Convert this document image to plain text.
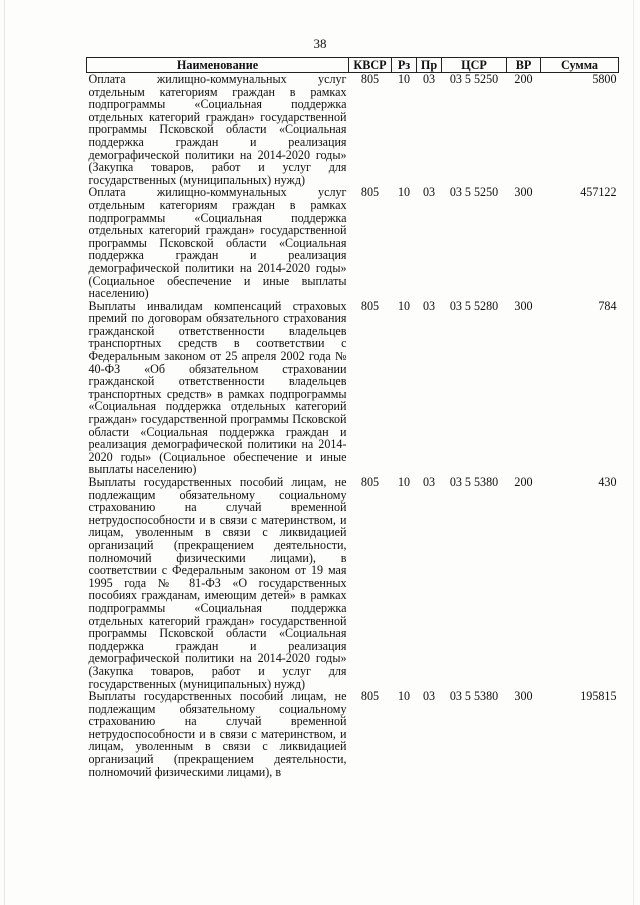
38
Наименование	КВСР	Рз	Пр	ЦСР	ВР	Сумма
Оплата жилищно-коммунальных услуг отдельным категориям граждан в рамках подпрограммы «Социальная поддержка отдельных категорий граждан» государственной программы Псковской области «Социальная поддержка граждан и реализация демографической политики на 2014-2020 годы» (Закупка товаров, работ и услуг для государственных (муниципальных) нужд)	805	10	03	03 5 5250	200	5800
Оплата жилищно-коммунальных услуг отдельным категориям граждан в рамках подпрограммы «Социальная поддержка отдельных категорий граждан» государственной программы Псковской области «Социальная поддержка граждан и реализация демографической политики на 2014-2020 годы» (Социальное обеспечение и иные выплаты населению)	805	10	03	03 5 5250	300	457122
Выплаты инвалидам компенсаций страховых премий по договорам обязательного страхования гражданской ответственности владельцев транспортных средств в соответствии с Федеральным законом от 25 апреля 2002 года № 40-ФЗ «Об обязательном страховании гражданской ответственности владельцев транспортных средств» в рамках подпрограммы «Социальная поддержка отдельных категорий граждан» государственной программы Псковской области «Социальная поддержка граждан и реализация демографической политики на 2014-2020 годы» (Социальное обеспечение и иные выплаты населению)	805	10	03	03 5 5280	300	784
Выплаты государственных пособий лицам, не подлежащим обязательному социальному страхованию на случай временной нетрудоспособности и в связи с материнством, и лицам, уволенным в связи с ликвидацией организаций (прекращением деятельности, полномочий физическими лицами), в соответствии с Федеральным законом от 19 мая 1995 года № 81-ФЗ «О государственных пособиях гражданам, имеющим детей» в рамках подпрограммы «Социальная поддержка отдельных категорий граждан» государственной программы Псковской области «Социальная поддержка граждан и реализация демографической политики на 2014-2020 годы» (Закупка товаров, работ и услуг для государственных (муниципальных) нужд)	805	10	03	03 5 5380	200	430
Выплаты государственных пособий лицам, не подлежащим обязательному социальному страхованию на случай временной нетрудоспособности и в связи с материнством, и лицам, уволенным в связи с ликвидацией организаций (прекращением деятельности, полномочий физическими лицами), в	805	10	03	03 5 5380	300	195815
